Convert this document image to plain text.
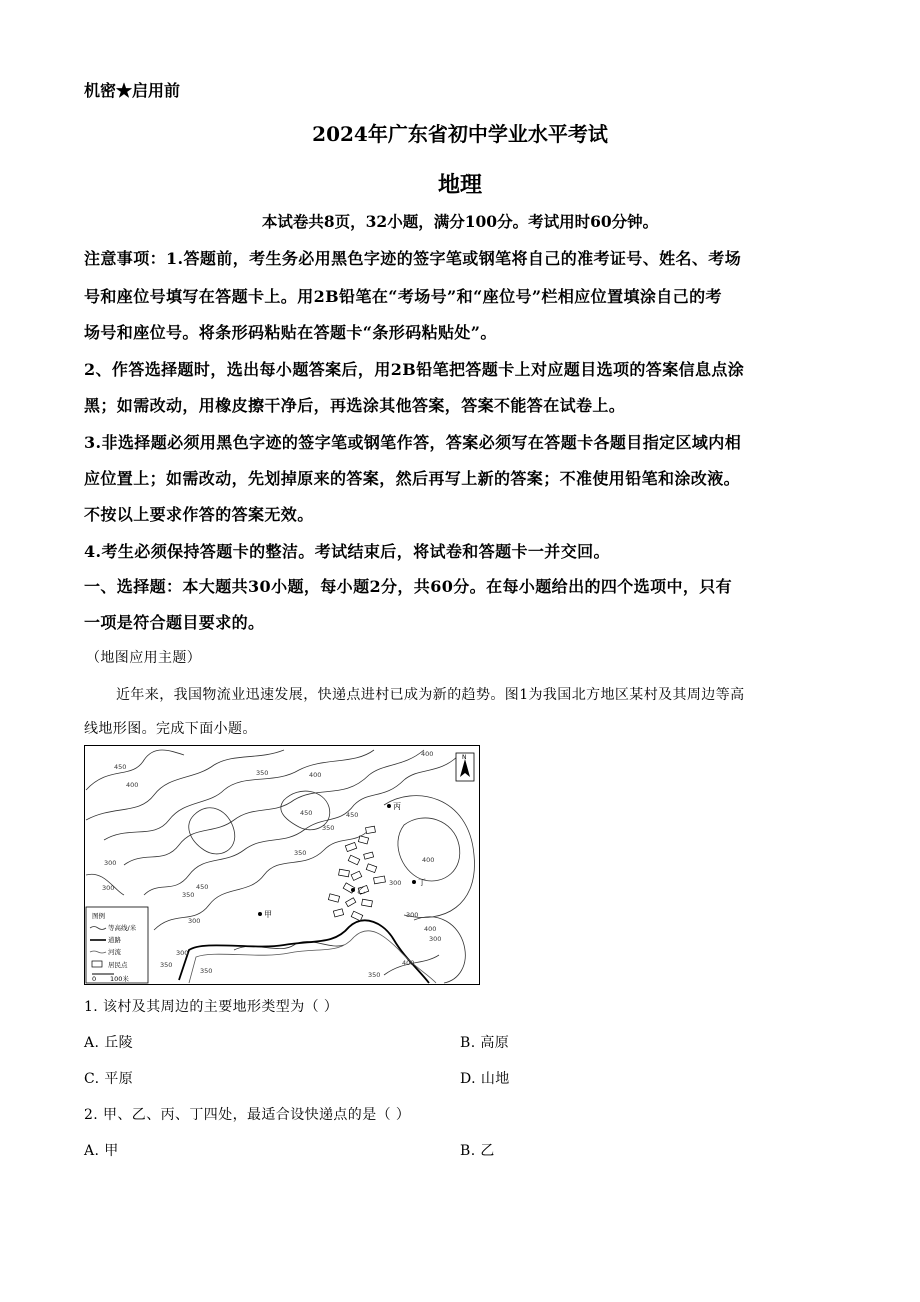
机密★启用前
2024年广东省初中学业水平考试
地理
本试卷共8页，32小题，满分100分。考试用时60分钟。
注意事项：1.答题前，考生务必用黑色字迹的签字笔或钢笔将自己的准考证号、姓名、考场
号和座位号填写在答题卡上。用2B铅笔在“考场号”和“座位号”栏相应位置填涂自己的考
场号和座位号。将条形码粘贴在答题卡“条形码粘贴处”。
2、作答选择题时，选出每小题答案后，用2B铅笔把答题卡上对应题目选项的答案信息点涂
黑；如需改动，用橡皮擦干净后，再选涂其他答案，答案不能答在试卷上。
3.非选择题必须用黑色字迹的签字笔或钢笔作答，答案必须写在答题卡各题目指定区域内相
应位置上；如需改动，先划掉原来的答案，然后再写上新的答案；不准使用铅笔和涂改液。
不按以上要求作答的答案无效。
4.考生必须保持答题卡的整洁。考试结束后，将试卷和答题卡一并交回。
一、选择题：本大题共30小题，每小题2分，共60分。在每小题给出的四个选项中，只有
一项是符合题目要求的。
（地图应用主题）
近年来，我国物流业迅速发展，快递点进村已成为新的趋势。图1为我国北方地区某村及其周边等高
线地形图。完成下面小题。
甲
乙
丙
丁
400
450
400
350	400
450
350
300	450	300
400
350
300
400
300
350
300
350	350
400
300
450
350
300
N
图例
等高线/米
道路
河流
居民点
0 100米
1. 该村及其周边的主要地形类型为（ ）
A. 丘陵	B. 高原
C. 平原	D. 山地
2. 甲、乙、丙、丁四处，最适合设快递点的是（ ）
A. 甲	B. 乙
